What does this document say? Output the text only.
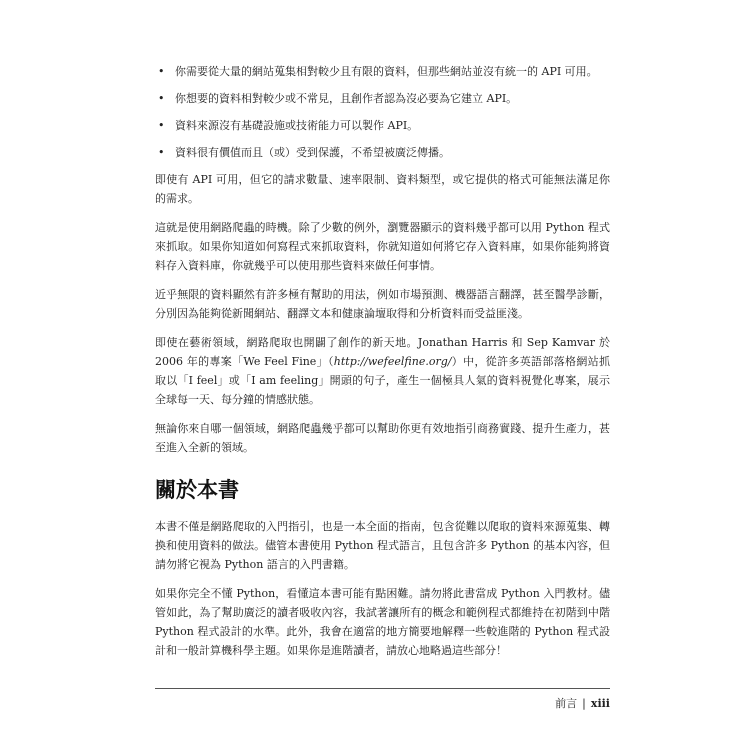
• 你需要從大量的網站蒐集相對較少且有限的資料，但那些網站並沒有統一的 API 可用。
• 你想要的資料相對較少或不常見，且創作者認為沒必要為它建立 API。
• 資料來源沒有基礎設施或技術能力可以製作 API。
• 資料很有價值而且（或）受到保護，不希望被廣泛傳播。

即使有 API 可用，但它的請求數量、速率限制、資料類型，或它提供的格式可能無法滿足你的需求。

這就是使用網路爬蟲的時機。除了少數的例外，瀏覽器顯示的資料幾乎都可以用 Python 程式來抓取。如果你知道如何寫程式來抓取資料，你就知道如何將它存入資料庫，如果你能夠將資料存入資料庫，你就幾乎可以使用那些資料來做任何事情。

近乎無限的資料顯然有許多極有幫助的用法，例如市場預測、機器語言翻譯，甚至醫學診斷，分別因為能夠從新聞網站、翻譯文本和健康論壇取得和分析資料而受益匪淺。

即使在藝術領域，網路爬取也開闢了創作的新天地。Jonathan Harris 和 Sep Kamvar 於 2006 年的專案「We Feel Fine」（http://wefeelfine.org/）中，從許多英語部落格網站抓取以「I feel」或「I am feeling」開頭的句子，產生一個極具人氣的資料視覺化專案，展示全球每一天、每分鐘的情感狀態。

無論你來自哪一個領域，網路爬蟲幾乎都可以幫助你更有效地指引商務實踐、提升生產力，甚至進入全新的領域。

關於本書

本書不僅是網路爬取的入門指引，也是一本全面的指南，包含從難以爬取的資料來源蒐集、轉換和使用資料的做法。儘管本書使用 Python 程式語言，且包含許多 Python 的基本內容，但請勿將它視為 Python 語言的入門書籍。

如果你完全不懂 Python，看懂這本書可能有點困難。請勿將此書當成 Python 入門教材。儘管如此，為了幫助廣泛的讀者吸收內容，我試著讓所有的概念和範例程式都維持在初階到中階 Python 程式設計的水準。此外，我會在適當的地方簡要地解釋一些較進階的 Python 程式設計和一般計算機科學主題。如果你是進階讀者，請放心地略過這些部分！

前言 | xiii
